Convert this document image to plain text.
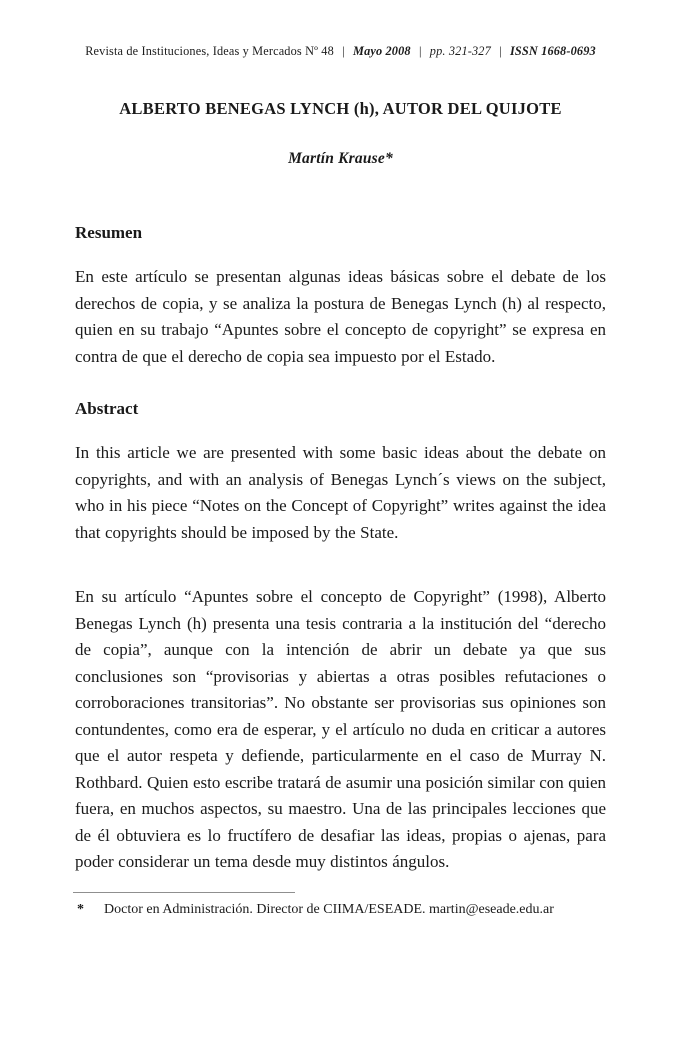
Revista de Instituciones, Ideas y Mercados Nº 48 | Mayo 2008 | pp. 321-327 | ISSN 1668-0693
ALBERTO BENEGAS LYNCH (h), AUTOR DEL QUIJOTE
Martín Krause*
Resumen

En este artículo se presentan algunas ideas básicas sobre el debate de los derechos de copia, y se analiza la postura de Benegas Lynch (h) al respecto, quien en su trabajo “Apuntes sobre el concepto de copyright” se expresa en contra de que el derecho de copia sea impuesto por el Estado.

Abstract

In this article we are presented with some basic ideas about the debate on copyrights, and with an analysis of Benegas Lynch´s views on the subject, who in his piece “Notes on the Concept of Copyright” writes against the idea that copyrights should be imposed by the State.

En su artículo “Apuntes sobre el concepto de Copyright” (1998), Alberto Benegas Lynch (h) presenta una tesis contraria a la institución del “derecho de copia”, aunque con la intención de abrir un debate ya que sus conclusiones son “provisorias y abiertas a otras posibles refutaciones o corroboraciones transitorias”. No obstante ser provisorias sus opiniones son contundentes, como era de esperar, y el artículo no duda en criticar a autores que el autor respeta y defiende, particularmente en el caso de Murray N. Rothbard. Quien esto escribe tratará de asumir una posición similar con quien fuera, en muchos aspectos, su maestro. Una de las principales lecciones que de él obtuviera es lo fructífero de desafiar las ideas, propias o ajenas, para poder considerar un tema desde muy distintos ángulos.

*	Doctor en Administración. Director de CIIMA/ESEADE. martin@eseade.edu.ar
